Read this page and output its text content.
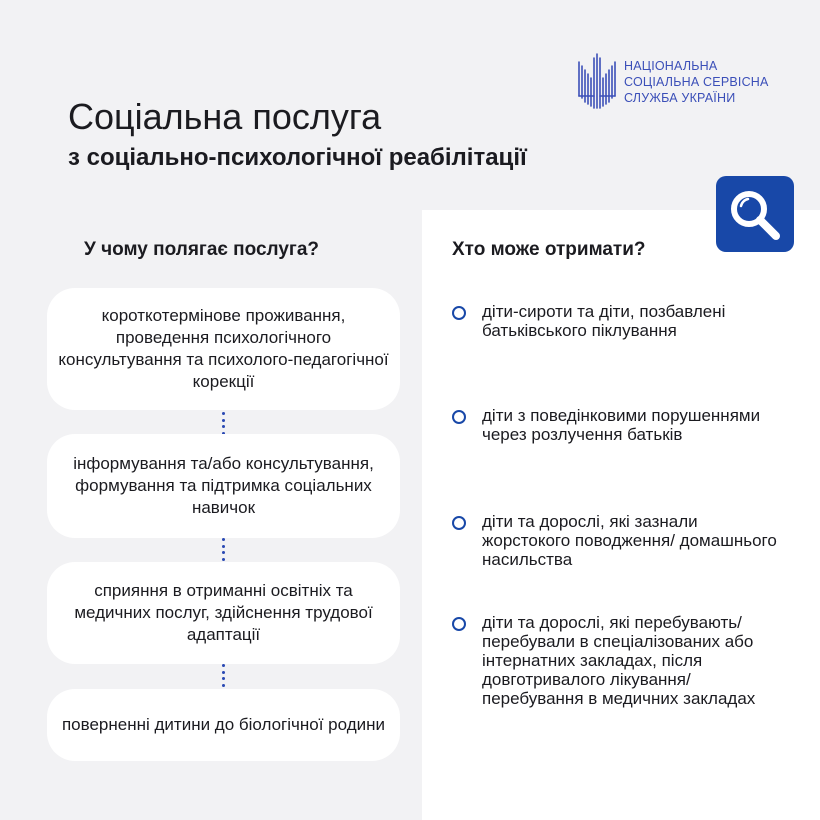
НАЦІОНАЛЬНА
СОЦІАЛЬНА СЕРВІСНА
СЛУЖБА УКРАЇНИ
Соціальна послуга
з соціально-психологічної реабілітації
У чому полягає послуга?	Хто може отримати?
короткотермінове проживання, проведення психологічного консультування та психолого-педагогічної корекції
інформування та/або консультування, формування та підтримка соціальних навичок
сприяння в отриманні освітніх та медичних послуг, здійснення трудової адаптації
поверненні дитини до біологічної родини
діти-сироти та діти, позбавлені батьківського піклування
діти з поведінковими порушеннями через розлучення батьків
діти та дорослі, які зазнали жорстокого поводження/ домашнього насильства
діти та дорослі, які перебувають/перебували в спеціалізованих або інтернатних закладах, після довготривалого лікування/ перебування в медичних закладах
